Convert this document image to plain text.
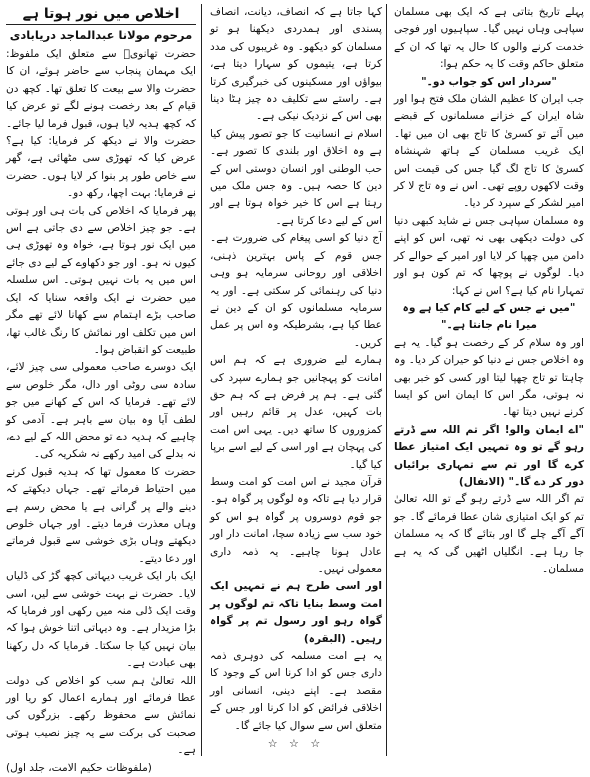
پہلے تاریخ بتاتی ہے کہ ایک بھی مسلمان سپاہی وہاں نہیں گیا۔ سپاہیوں اور فوجی خدمت کرنے والوں کا حال یہ تھا کہ ان کے متعلق حاکم وقت کا یہ حکم ہوا:

"سردار اس کو جواب دو۔"

جب ایران کا عظیم الشان ملک فتح ہوا اور شاہ ایران کے خزانے مسلمانوں کے قبضے میں آئے تو کسریٰ کا تاج بھی ان میں تھا۔ ایک غریب مسلمان کے ہاتھ شہنشاہ کسریٰ کا تاج لگ گیا جس کی قیمت اس وقت لاکھوں روپے تھی۔ اس نے وہ تاج لا کر امیر لشکر کے سپرد کر دیا۔

وہ مسلمان سپاہی جس نے شاید کبھی دنیا کی دولت دیکھی بھی نہ تھی، اس کو اپنے دامن میں چھپا کر لایا اور امیر کے حوالے کر دیا۔ لوگوں نے پوچھا کہ تم کون ہو اور تمہارا نام کیا ہے؟ اس نے کہا:

"میں نے جس کے لیے کام کیا ہے وہ میرا نام جانتا ہے۔"

اور وہ سلام کر کے رخصت ہو گیا۔ یہ ہے وہ اخلاص جس نے دنیا کو حیران کر دیا۔ وہ چاہتا تو تاج چھپا لیتا اور کسی کو خبر بھی نہ ہوتی، مگر اس کا ایمان اس کو ایسا کرنے نہیں دیتا تھا۔

"اے ایمان والو! اگر تم اللہ سے ڈرتے رہو گے تو وہ تمہیں ایک امتیاز عطا کرے گا اور تم سے تمہاری برائیاں دور کر دے گا۔" (الانفال)

تم اگر اللہ سے ڈرتے رہو گے تو اللہ تعالیٰ تم کو ایک امتیازی شان عطا فرمائے گا۔ جو آگے آگے چلے گا اور بتائے گا کہ یہ مسلمان جا رہا ہے۔ انگلیاں اٹھیں گی کہ یہ ہے مسلمان۔

کہا جاتا ہے کہ انصاف، دیانت، انصاف پسندی اور ہمدردی دیکھنا ہو تو مسلمان کو دیکھو۔ وہ غریبوں کی مدد کرتا ہے، یتیموں کو سہارا دیتا ہے، بیواؤں اور مسکینوں کی خبرگیری کرتا ہے۔ راستے سے تکلیف دہ چیز ہٹا دینا بھی اس کے نزدیک نیکی ہے۔

اسلام نے انسانیت کا جو تصور پیش کیا ہے وہ اخلاق اور بلندی کا تصور ہے۔ حب الوطنی اور انسان دوستی اس کے دین کا حصہ ہیں۔ وہ جس ملک میں رہتا ہے اس کا خیر خواہ ہوتا ہے اور اس کے لیے دعا کرتا ہے۔

آج دنیا کو اسی پیغام کی ضرورت ہے۔ جس قوم کے پاس بہترین ذہنی، اخلاقی اور روحانی سرمایہ ہو وہی دنیا کی رہنمائی کر سکتی ہے۔ اور یہ سرمایہ مسلمانوں کو ان کے دین نے عطا کیا ہے، بشرطیکہ وہ اس پر عمل کریں۔

ہمارے لیے ضروری ہے کہ ہم اس امانت کو پہچانیں جو ہمارے سپرد کی گئی ہے۔ ہم پر فرض ہے کہ ہم حق بات کہیں، عدل پر قائم رہیں اور کمزوروں کا ساتھ دیں۔ یہی اس امت کی پہچان ہے اور اسی کے لیے اسے برپا کیا گیا۔

قرآن مجید نے اس امت کو امت وسط قرار دیا ہے تاکہ وہ لوگوں پر گواہ ہو۔ جو قوم دوسروں پر گواہ ہو اس کو خود سب سے زیادہ سچا، امانت دار اور عادل ہونا چاہیے۔ یہ ذمہ داری معمولی نہیں۔

اور اسی طرح ہم نے تمہیں ایک امت وسط بنایا تاکہ تم لوگوں پر گواہ رہو اور رسول تم پر گواہ رہیں۔ (البقرہ)

یہ ہے امت مسلمہ کی دوہری ذمہ داری جس کو ادا کرنا اس کے وجود کا مقصد ہے۔ اپنے دینی، انسانی اور اخلاقی فرائض کو ادا کرنا اور جس کے متعلق اس سے سوال کیا جائے گا۔

☆ ☆ ☆

اخلاص میں نور ہوتا ہے
مرحوم مولانا عبدالماجد دریابادی

حضرت تھانویؒ سے متعلق ایک ملفوظ: ایک مہمان پنجاب سے حاضر ہوئے، ان کا حضرت والا سے بیعت کا تعلق تھا۔ کچھ دن قیام کے بعد رخصت ہونے لگے تو عرض کیا کہ کچھ ہدیہ لایا ہوں، قبول فرما لیا جائے۔ حضرت والا نے دیکھ کر فرمایا: کیا ہے؟ عرض کیا کہ تھوڑی سی مٹھائی ہے، گھر سے خاص طور پر بنوا کر لایا ہوں۔ حضرت نے فرمایا: بہت اچھا، رکھ دو۔

پھر فرمایا کہ اخلاص کی بات ہی اور ہوتی ہے۔ جو چیز اخلاص سے دی جاتی ہے اس میں ایک نور ہوتا ہے، خواہ وہ تھوڑی ہی کیوں نہ ہو۔ اور جو دکھاوے کے لیے دی جائے اس میں یہ بات نہیں ہوتی۔ اس سلسلہ میں حضرت نے ایک واقعہ سنایا کہ ایک صاحب بڑے اہتمام سے کھانا لائے تھے مگر اس میں تکلف اور نمائش کا رنگ غالب تھا، طبیعت کو انقباض ہوا۔

ایک دوسرے صاحب معمولی سی چیز لائے، سادہ سی روٹی اور دال، مگر خلوص سے لائے تھے۔ فرمایا کہ اس کے کھانے میں جو لطف آیا وہ بیان سے باہر ہے۔ آدمی کو چاہیے کہ ہدیہ دے تو محض اللہ کے لیے دے، نہ بدلے کی امید رکھے نہ شکریہ کی۔

حضرت کا معمول تھا کہ ہدیہ قبول کرنے میں احتیاط فرماتے تھے۔ جہاں دیکھتے کہ دینے والے پر گرانی ہے یا محض رسم ہے وہاں معذرت فرما دیتے۔ اور جہاں خلوص دیکھتے وہاں بڑی خوشی سے قبول فرماتے اور دعا دیتے۔

ایک بار ایک غریب دیہاتی کچھ گڑ کی ڈلیاں لایا۔ حضرت نے بہت خوشی سے لیں، اسی وقت ایک ڈلی منہ میں رکھی اور فرمایا کہ بڑا مزیدار ہے۔ وہ دیہاتی اتنا خوش ہوا کہ بیان نہیں کیا جا سکتا۔ فرمایا کہ دل رکھنا بھی عبادت ہے۔

اللہ تعالیٰ ہم سب کو اخلاص کی دولت عطا فرمائے اور ہمارے اعمال کو ریا اور نمائش سے محفوظ رکھے۔ بزرگوں کی صحبت کی برکت سے یہ چیز نصیب ہوتی ہے۔

(ملفوظات حکیم الامت، جلد اول)
